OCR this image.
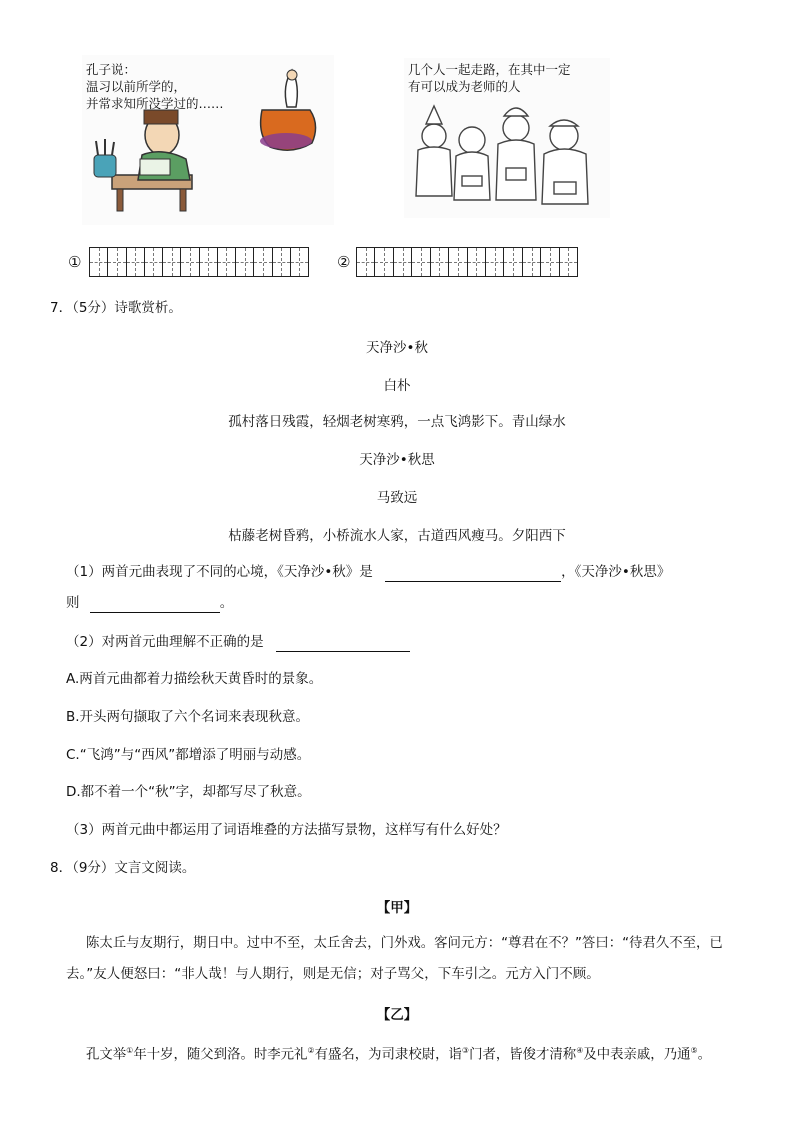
孔子说：
温习以前所学的，
并常求知所没学过的……
几个人一起走路，在其中一定
有可以成为老师的人
①	②
7．（5分）诗歌赏析。
天净沙•秋
白朴
孤村落日残霞，轻烟老树寒鸦，一点飞鸿影下。青山绿水
天净沙•秋思
马致远
枯藤老树昏鸦，小桥流水人家，古道西风瘦马。夕阳西下
（1）两首元曲表现了不同的心境，《天净沙•秋》是	，《天净沙•秋思》
则	。
（2）对两首元曲理解不正确的是
A.两首元曲都着力描绘秋天黄昏时的景象。
B.开头两句撷取了六个名词来表现秋意。
C.“飞鸿”与“西风”都增添了明丽与动感。
D.都不着一个“秋”字，却都写尽了秋意。
（3）两首元曲中都运用了词语堆叠的方法描写景物，这样写有什么好处？
8．（9分）文言文阅读。
【甲】
陈太丘与友期行，期日中。过中不至，太丘舍去，门外戏。客问元方：“尊君在不？”答曰：“待君久不至，已
去。”友人便怒曰：“非人哉！与人期行，则是无信；对子骂父，下车引之。元方入门不顾。
【乙】
孔文举①年十岁，随父到洛。时李元礼②有盛名，为司隶校尉，诣③门者，皆俊才清称④及中表亲戚，乃通⑤。
